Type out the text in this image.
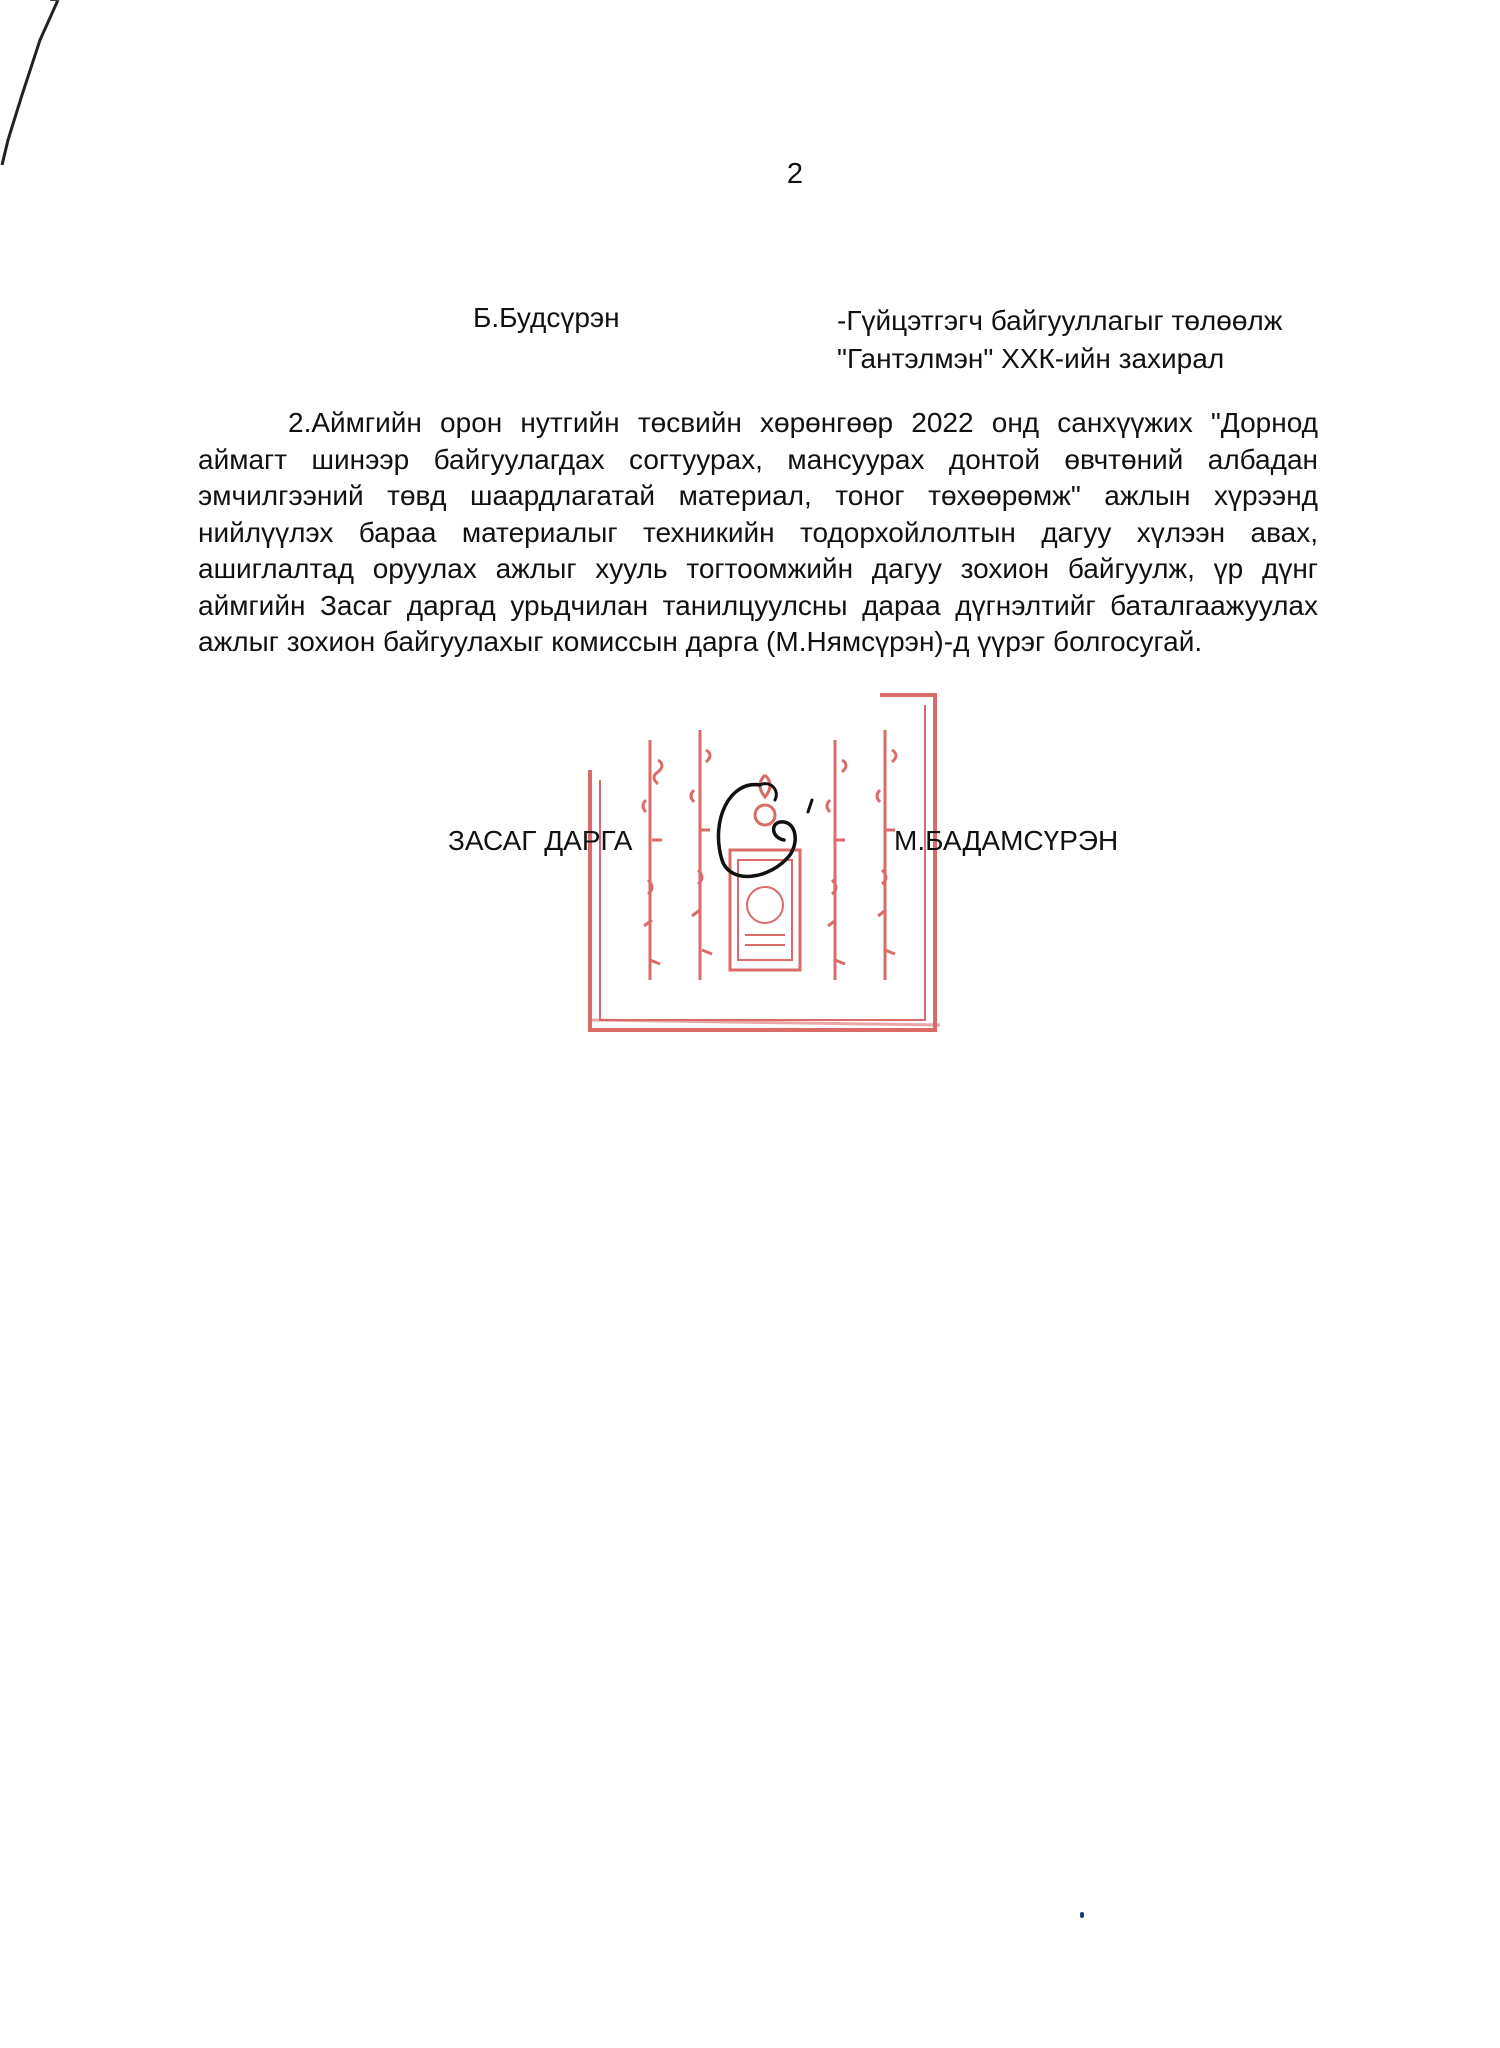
2
Б.Будсүрэн	-Гүйцэтгэгч байгууллагыг төлөөлж
"Гантэлмэн" ХХК-ийн захирал

2.Аймгийн орон нутгийн төсвийн хөрөнгөөр 2022 онд санхүүжих "Дорнод аймагт шинээр байгуулагдах согтуурах, мансуурах донтой өвчтөний албадан эмчилгээний төвд шаардлагатай материал, тоног төхөөрөмж" ажлын хүрээнд нийлүүлэх бараа материалыг техникийн тодорхойлолтын дагуу хүлээн авах, ашиглалтад оруулах ажлыг хууль тогтоомжийн дагуу зохион байгуулж, үр дүнг аймгийн Засаг даргад урьдчилан танилцуулсны дараа дүгнэлтийг баталгаажуулах ажлыг зохион байгуулахыг комиссын дарга (М.Нямсүрэн)-д үүрэг болгосугай.

ЗАСАГ ДАРГА	М.БАДАМСҮРЭН
